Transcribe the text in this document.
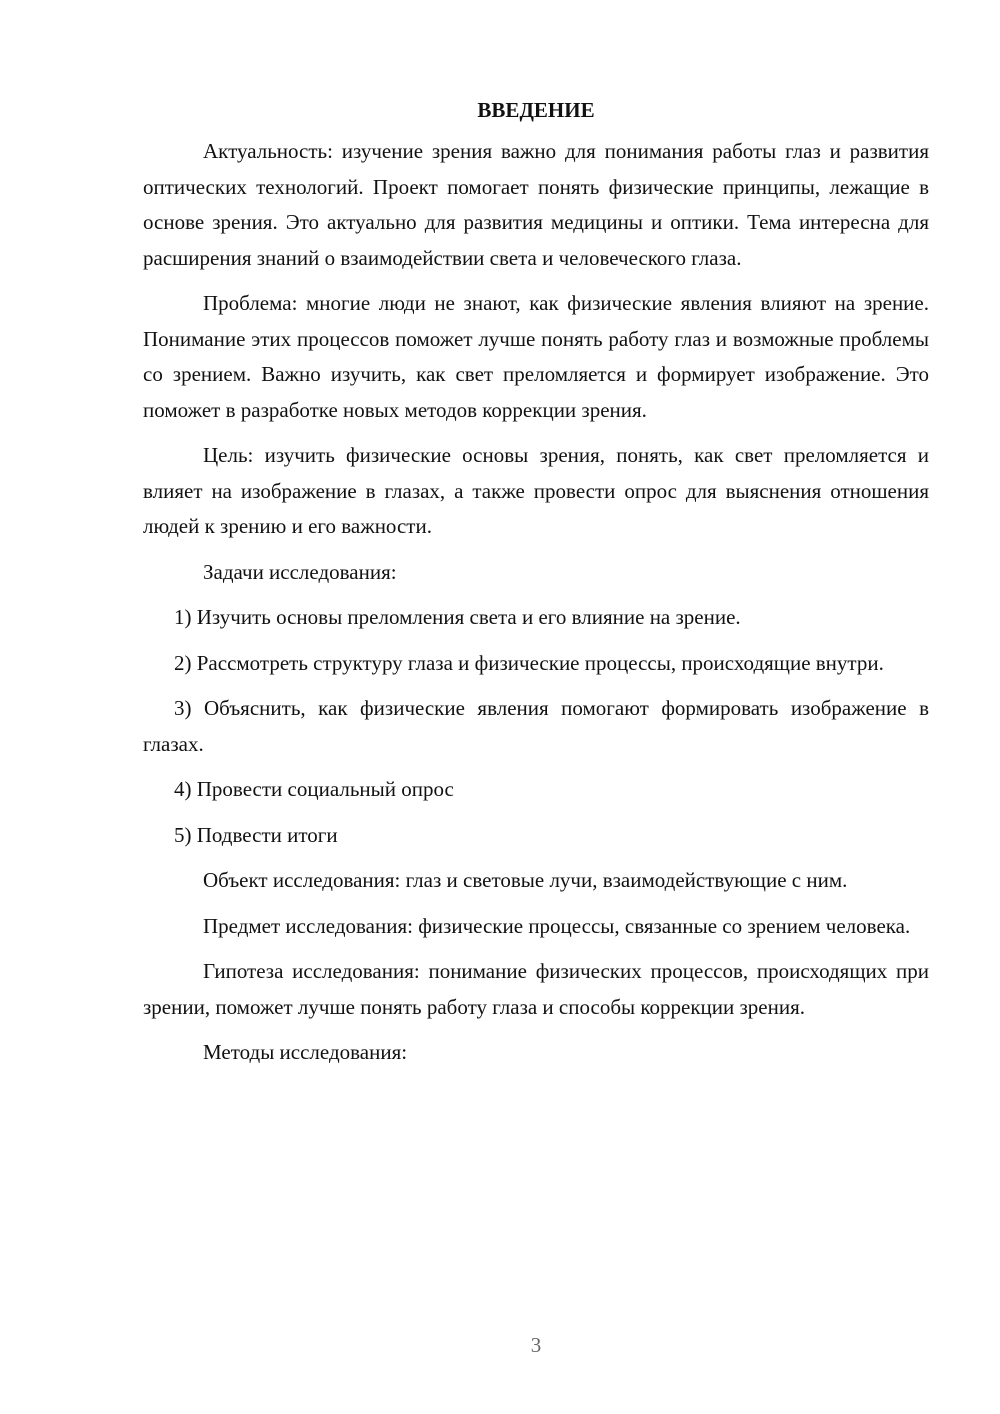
ВВЕДЕНИЕ

Актуальность: изучение зрения важно для понимания работы глаз и развития оптических технологий. Проект помогает понять физические принципы, лежащие в основе зрения. Это актуально для развития медицины и оптики. Тема интересна для расширения знаний о взаимодействии света и человеческого глаза.

Проблема: многие люди не знают, как физические явления влияют на зрение. Понимание этих процессов поможет лучше понять работу глаз и возможные проблемы со зрением. Важно изучить, как свет преломляется и формирует изображение. Это поможет в разработке новых методов коррекции зрения.

Цель: изучить физические основы зрения, понять, как свет преломляется и влияет на изображение в глазах, а также провести опрос для выяснения отношения людей к зрению и его важности.

Задачи исследования:

1) Изучить основы преломления света и его влияние на зрение.

2) Рассмотреть структуру глаза и физические процессы, происходящие внутри.

3) Объяснить, как физические явления помогают формировать изображение в глазах.

4) Провести социальный опрос

5) Подвести итоги

Объект исследования: глаз и световые лучи, взаимодействующие с ним.

Предмет исследования: физические процессы, связанные со зрением человека.

Гипотеза исследования: понимание физических процессов, происходящих при зрении, поможет лучше понять работу глаза и способы коррекции зрения.

Методы исследования:

3
